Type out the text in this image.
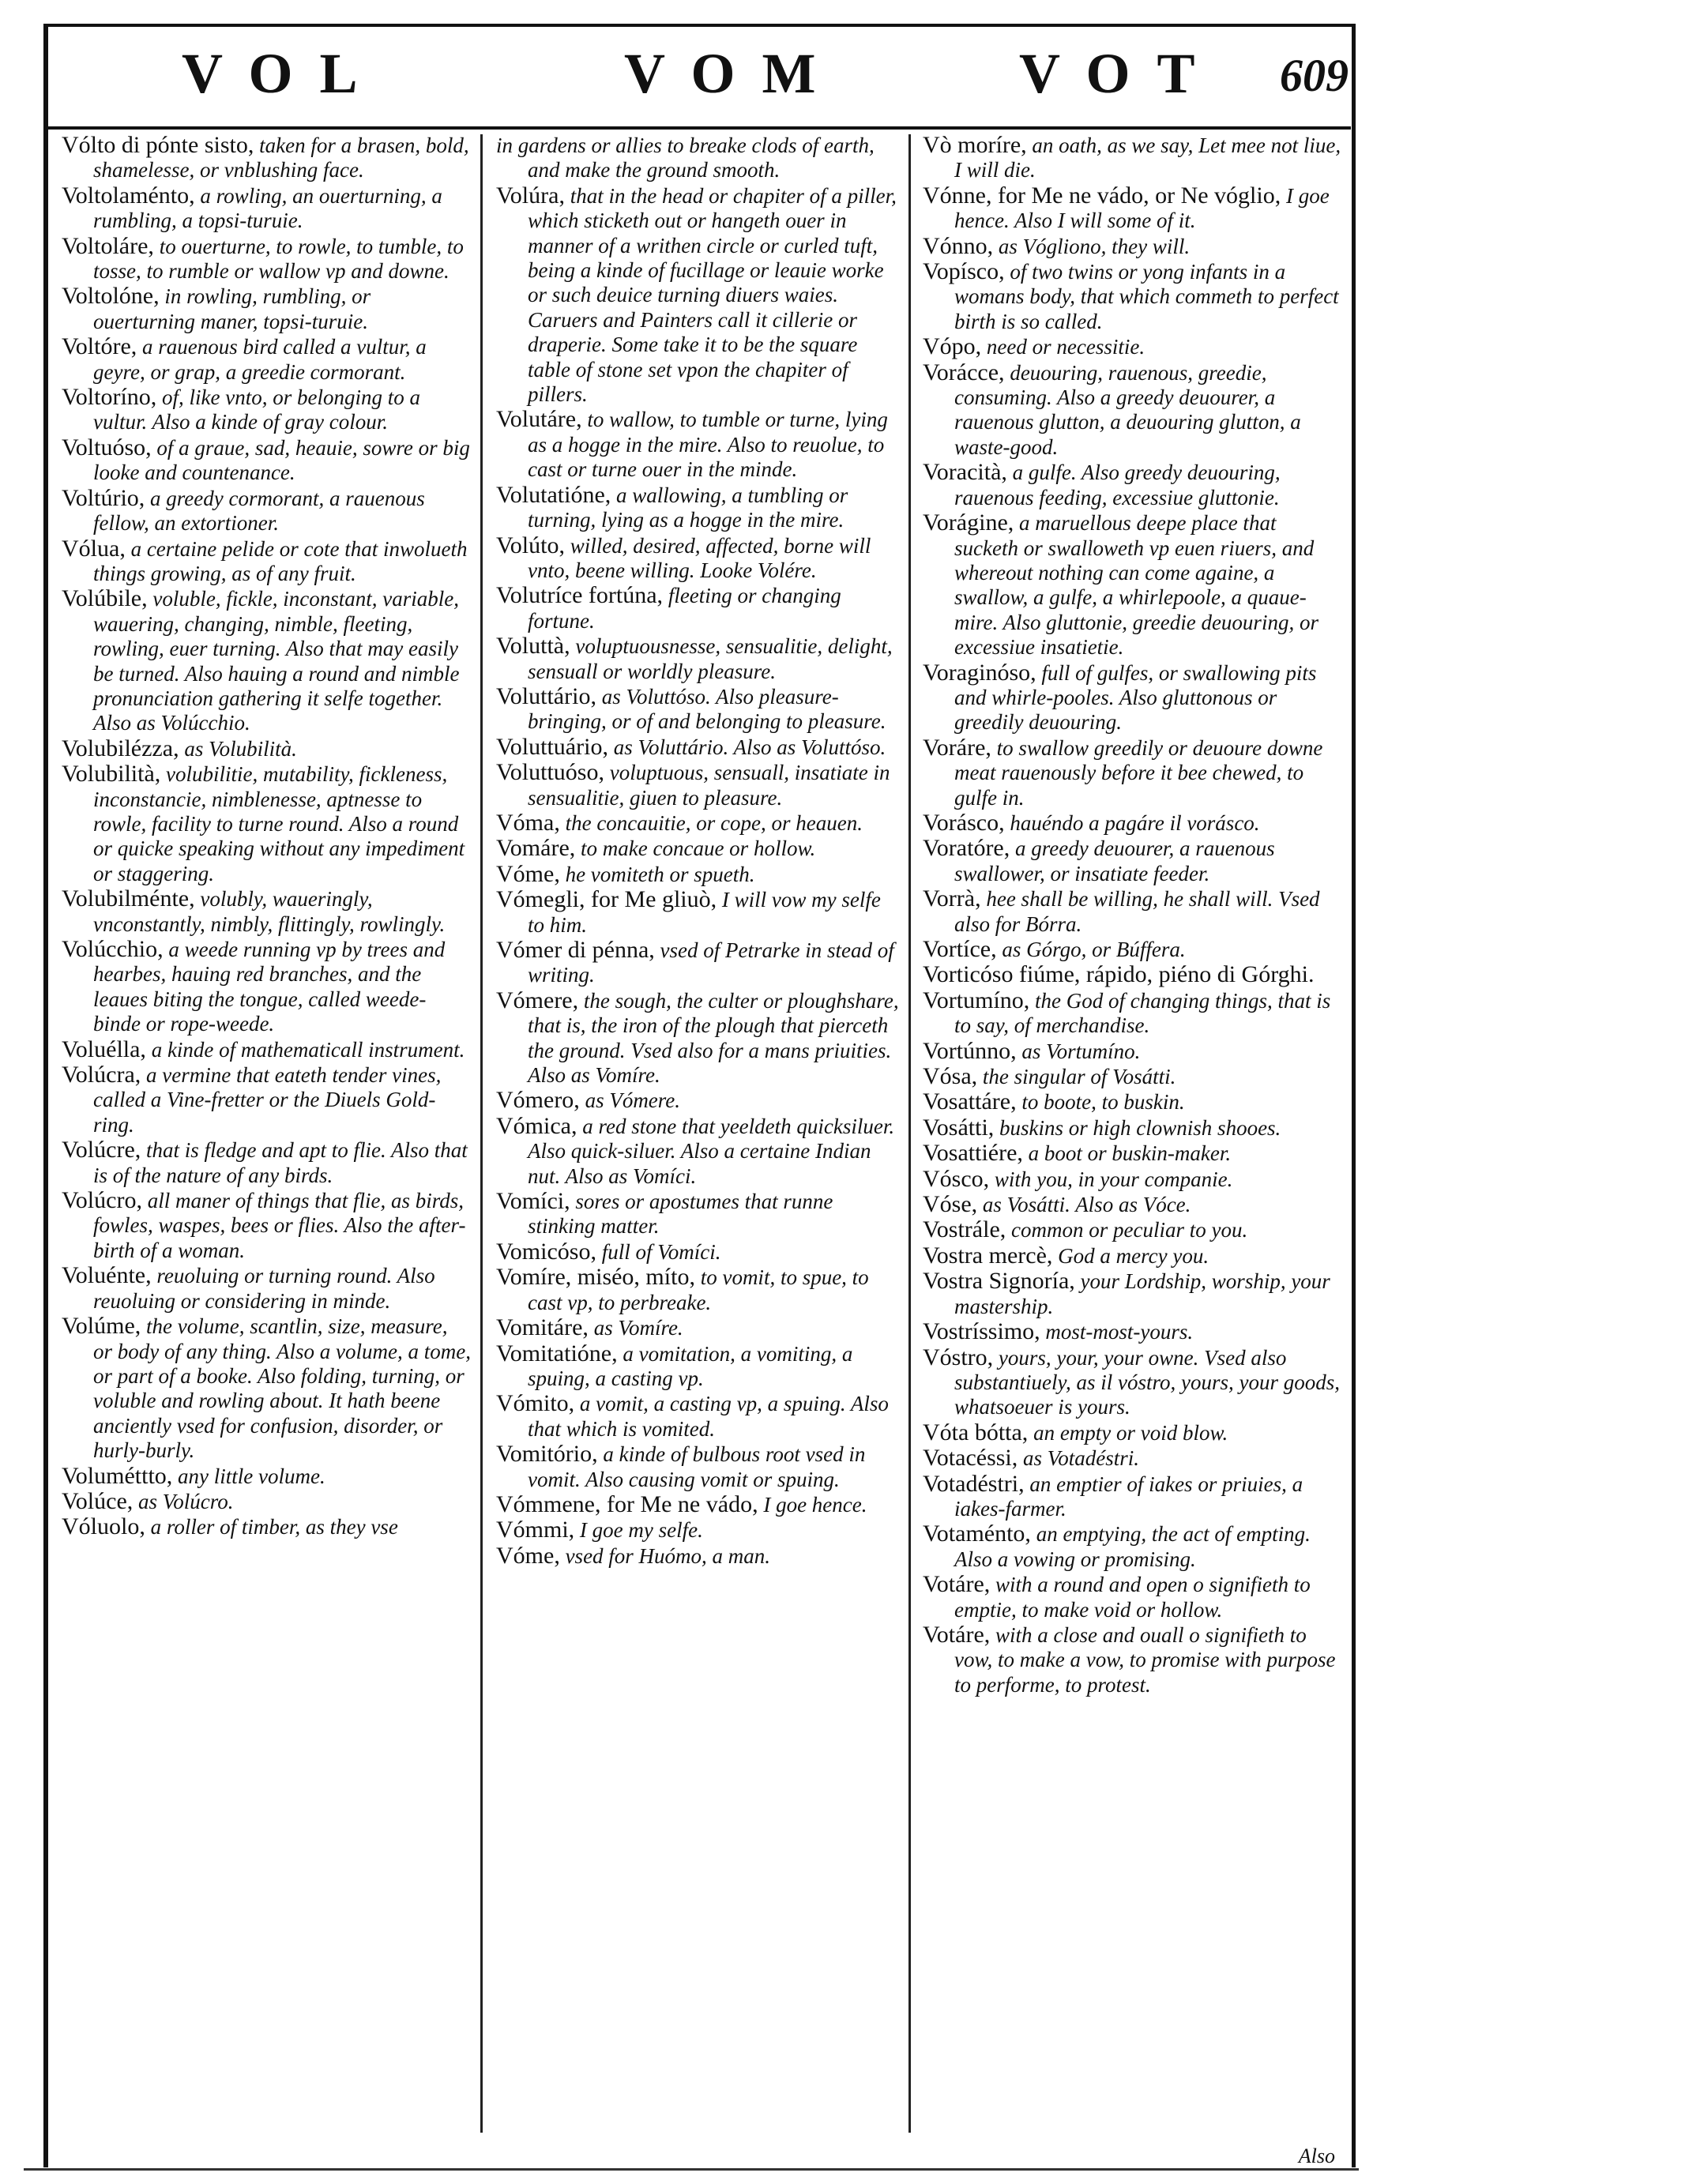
VOL	VOM	VOT 609

Vólto di pónte sisto, taken for a brasen, bold, shamelesse, or vnblushing face.

Voltolaménto, a rowling, an ouerturning, a rumbling, a topsi-turuie.

Voltoláre, to ouerturne, to rowle, to tumble, to tosse, to rumble or wallow vp and downe.

Voltolóne, in rowling, rumbling, or ouerturning maner, topsi-turuie.

Voltóre, a rauenous bird called a vultur, a geyre, or grap, a greedie cormorant.

Voltoríno, of, like vnto, or belonging to a vultur. Also a kinde of gray colour.

Voltuóso, of a graue, sad, heauie, sowre or big looke and countenance.

Voltúrio, a greedy cormorant, a rauenous fellow, an extortioner.

Vólua, a certaine pelide or cote that inwolueth things growing, as of any fruit.

Volúbile, voluble, fickle, inconstant, variable, wauering, changing, nimble, fleeting, rowling, euer turning. Also that may easily be turned. Also hauing a round and nimble pronunciation gathering it selfe together. Also as Volúcchio.

Volubilézza, as Volubilità.

Volubilità, volubilitie, mutability, fickleness, inconstancie, nimblenesse, aptnesse to rowle, facility to turne round. Also a round or quicke speaking without any impediment or staggering.

Volubilménte, volubly, waueringly, vnconstantly, nimbly, flittingly, rowlingly.

Volúcchio, a weede running vp by trees and hearbes, hauing red branches, and the leaues biting the tongue, called weede-binde or rope-weede.

Voluélla, a kinde of mathematicall instrument.

Volúcra, a vermine that eateth tender vines, called a Vine-fretter or the Diuels Gold-ring.

Volúcre, that is fledge and apt to flie. Also that is of the nature of any birds.

Volúcro, all maner of things that flie, as birds, fowles, waspes, bees or flies. Also the after-birth of a woman.

Voluénte, reuoluing or turning round. Also reuoluing or considering in minde.

Volúme, the volume, scantlin, size, measure, or body of any thing. Also a volume, a tome, or part of a booke. Also folding, turning, or voluble and rowling about. It hath beene anciently vsed for confusion, disorder, or hurly-burly.

Voluméttto, any little volume.

Volúce, as Volúcro.

Vóluolo, a roller of timber, as they vse

in gardens or allies to breake clods of earth, and make the ground smooth.

Volúra, that in the head or chapiter of a piller, which sticketh out or hangeth ouer in manner of a writhen circle or curled tuft, being a kinde of fucillage or leauie worke or such deuice turning diuers waies. Caruers and Painters call it cillerie or draperie. Some take it to be the square table of stone set vpon the chapiter of pillers.

Volutáre, to wallow, to tumble or turne, lying as a hogge in the mire. Also to reuolue, to cast or turne ouer in the minde.

Volutatióne, a wallowing, a tumbling or turning, lying as a hogge in the mire.

Volúto, willed, desired, affected, borne will vnto, beene willing. Looke Volére.

Volutríce fortúna, fleeting or changing fortune.

Voluttà, voluptuousnesse, sensualitie, delight, sensuall or worldly pleasure.

Voluttário, as Voluttóso. Also pleasure-bringing, or of and belonging to pleasure.

Voluttuário, as Voluttário. Also as Voluttóso.

Voluttuóso, voluptuous, sensuall, insatiate in sensualitie, giuen to pleasure.

Vóma, the concauitie, or cope, or heauen.

Vomáre, to make concaue or hollow.

Vóme, he vomiteth or spueth.

Vómegli, for Me gliuò, I will vow my selfe to him.

Vómer di pénna, vsed of Petrarke in stead of writing.

Vómere, the sough, the culter or ploughshare, that is, the iron of the plough that pierceth the ground. Vsed also for a mans priuities. Also as Vomíre.

Vómero, as Vómere.

Vómica, a red stone that yeeldeth quicksiluer. Also quick-siluer. Also a certaine Indian nut. Also as Vomíci.

Vomíci, sores or apostumes that runne stinking matter.

Vomicóso, full of Vomíci.

Vomíre, miséo, míto, to vomit, to spue, to cast vp, to perbreake.

Vomitáre, as Vomíre.

Vomitatióne, a vomitation, a vomiting, a spuing, a casting vp.

Vómito, a vomit, a casting vp, a spuing. Also that which is vomited.

Vomitório, a kinde of bulbous root vsed in vomit. Also causing vomit or spuing.

Vómmene, for Me ne vádo, I goe hence.

Vómmi, I goe my selfe.

Vóme, vsed for Huómo, a man.

Vò moríre, an oath, as we say, Let mee not liue, I will die.

Vónne, for Me ne vádo, or Ne vóglio, I goe hence. Also I will some of it.

Vónno, as Vógliono, they will.

Vopísco, of two twins or yong infants in a womans body, that which commeth to perfect birth is so called.

Vópo, need or necessitie.

Vorácce, deuouring, rauenous, greedie, consuming. Also a greedy deuourer, a rauenous glutton, a deuouring glutton, a waste-good.

Voracità, a gulfe. Also greedy deuouring, rauenous feeding, excessiue gluttonie.

Vorágine, a maruellous deepe place that sucketh or swalloweth vp euen riuers, and whereout nothing can come againe, a swallow, a gulfe, a whirlepoole, a quaue-mire. Also gluttonie, greedie deuouring, or excessiue insatietie.

Voraginóso, full of gulfes, or swallowing pits and whirle-pooles. Also gluttonous or greedily deuouring.

Voráre, to swallow greedily or deuoure downe meat rauenously before it bee chewed, to gulfe in.

Vorásco, hauéndo a pagáre il vorásco.

Voratóre, a greedy deuourer, a rauenous swallower, or insatiate feeder.

Vorrà, hee shall be willing, he shall will. Vsed also for Bórra.

Vortíce, as Górgo, or Búffera.

Vorticóso fiúme, rápido, piéno di Górghi.

Vortumíno, the God of changing things, that is to say, of merchandise.

Vortúnno, as Vortumíno.

Vósa, the singular of Vosátti.

Vosattáre, to boote, to buskin.

Vosátti, buskins or high clownish shooes.

Vosattiére, a boot or buskin-maker.

Vósco, with you, in your companie.

Vóse, as Vosátti. Also as Vóce.

Vostrále, common or peculiar to you.

Vostra mercè, God a mercy you.

Vostra Signoría, your Lordship, worship, your mastership.

Vostríssimo, most-most-yours.

Vóstro, yours, your, your owne. Vsed also substantiuely, as il vóstro, yours, your goods, whatsoeuer is yours.

Vóta bótta, an empty or void blow.

Votacéssi, as Votadéstri.

Votadéstri, an emptier of iakes or priuies, a iakes-farmer.

Votaménto, an emptying, the act of empting. Also a vowing or promising.

Votáre, with a round and open o signifieth to emptie, to make void or hollow.

Votáre, with a close and ouall o signifieth to vow, to make a vow, to promise with purpose to performe, to protest.

Also
